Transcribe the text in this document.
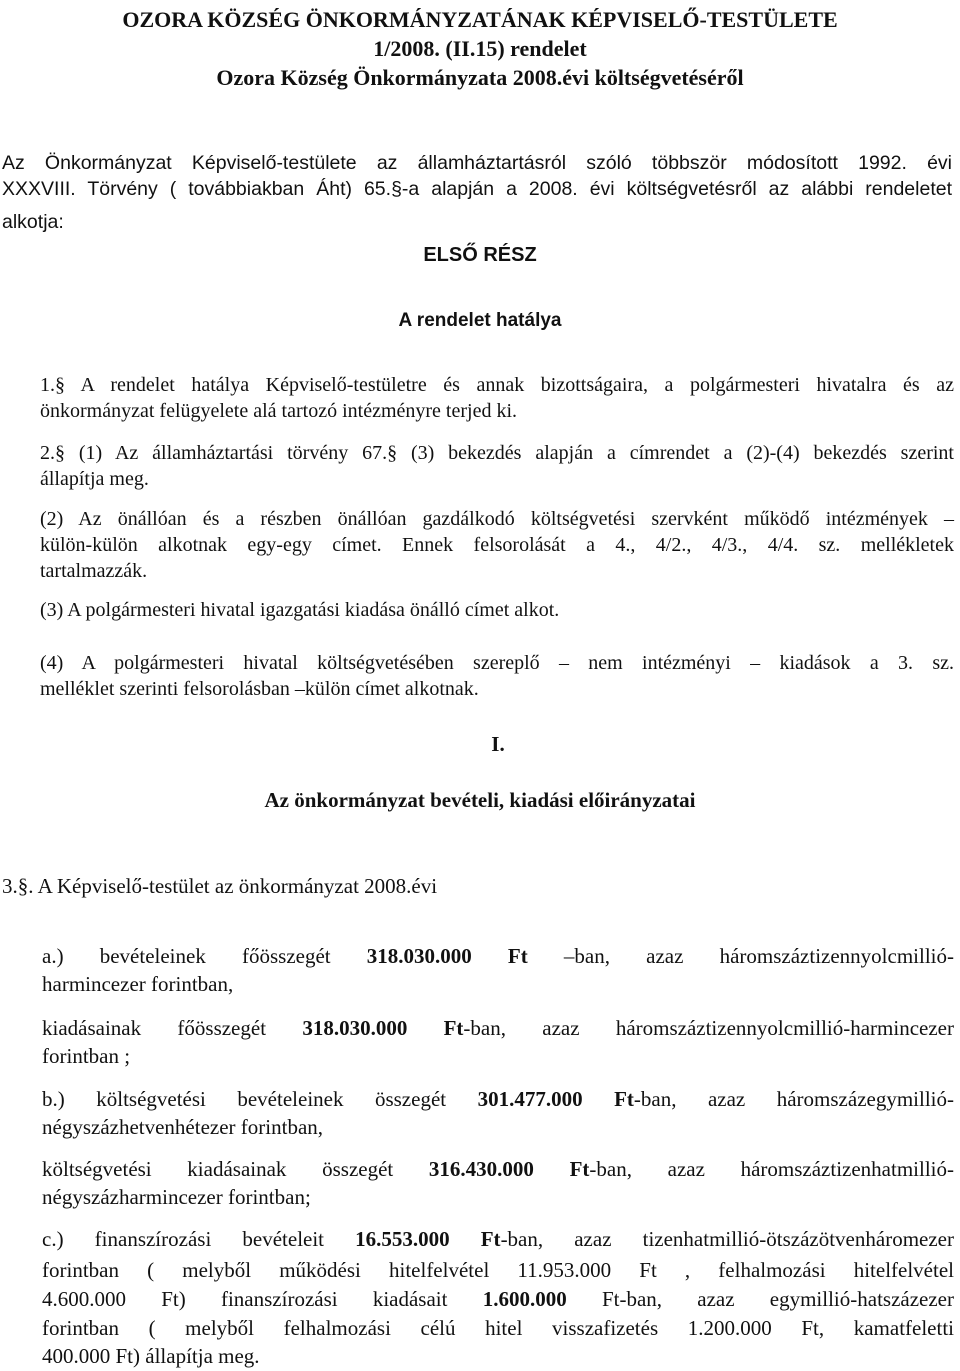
OZORA KÖZSÉG ÖNKORMÁNYZATÁNAK KÉPVISELŐ-TESTÜLETE

1/2008. (II.15) rendelet

Ozora Község Önkormányzata 2008.évi költségvetéséről

Az Önkormányzat Képviselő-testülete az államháztartásról szóló többször módosított 1992. évi

XXXVIII. Törvény ( továbbiakban Áht) 65.§-a alapján a 2008. évi költségvetésről az alábbi rendeletet

alkotja:

ELSŐ RÉSZ

A rendelet hatálya

1.§ A rendelet hatálya Képviselő-testületre és annak bizottságaira, a polgármesteri hivatalra és az

önkormányzat felügyelete alá tartozó intézményre terjed ki.

2.§ (1) Az államháztartási törvény 67.§ (3) bekezdés alapján a címrendet a (2)-(4) bekezdés szerint

állapítja meg.

(2) Az önállóan és a részben önállóan gazdálkodó költségvetési szervként működő intézmények –

külön-külön alkotnak egy-egy címet. Ennek felsorolását a 4., 4/2., 4/3., 4/4. sz. mellékletek

tartalmazzák.

(3) A polgármesteri hivatal igazgatási kiadása önálló címet alkot.

(4) A polgármesteri hivatal költségvetésében szereplő – nem intézményi – kiadások a 3. sz.

melléklet szerinti felsorolásban –külön címet alkotnak.

I.

Az önkormányzat bevételi, kiadási előirányzatai

3.§. A Képviselő-testület az önkormányzat 2008.évi

a.) bevételeinek főösszegét 318.030.000 Ft –ban, azaz háromszáztizennyolcmillió-

harmincezer forintban,

kiadásainak főösszegét 318.030.000 Ft-ban, azaz háromszáztizennyolcmillió-harmincezer

forintban ;

b.) költségvetési bevételeinek összegét 301.477.000 Ft-ban, azaz háromszázegymillió-

négyszázhetvenhétezer forintban,

költségvetési kiadásainak összegét 316.430.000 Ft-ban, azaz háromszáztizenhatmillió-

négyszázharmincezer forintban;

c.) finanszírozási bevételeit 16.553.000 Ft-ban, azaz tizenhatmillió-ötszázötvenháromezer

forintban ( melyből működési hitelfelvétel 11.953.000 Ft , felhalmozási hitelfelvétel

4.600.000 Ft) finanszírozási kiadásait 1.600.000 Ft-ban, azaz egymillió-hatszázezer

forintban ( melyből felhalmozási célú hitel visszafizetés 1.200.000 Ft, kamatfeletti

400.000 Ft) állapítja meg.
